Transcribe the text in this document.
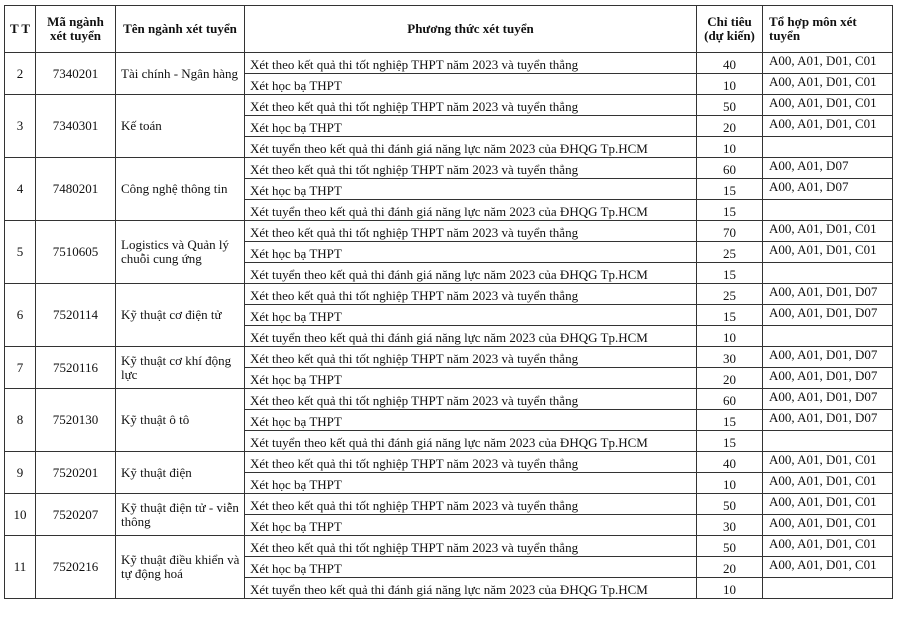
T T	Mã ngành xét tuyển	Tên ngành xét tuyển	Phương thức xét tuyển	Chỉ tiêu (dự kiến)	Tổ hợp môn xét tuyển
2	7340201	Tài chính - Ngân hàng	Xét theo kết quả thi tốt nghiệp THPT năm 2023 và tuyển thẳng	40	A00, A01, D01, C01
			Xét học bạ THPT	10	A00, A01, D01, C01
3	7340301	Kế toán	Xét theo kết quả thi tốt nghiệp THPT năm 2023 và tuyển thẳng	50	A00, A01, D01, C01
			Xét học bạ THPT	20	A00, A01, D01, C01
			Xét tuyển theo kết quả thi đánh giá năng lực năm 2023 của ĐHQG Tp.HCM	10	
4	7480201	Công nghệ thông tin	Xét theo kết quả thi tốt nghiệp THPT năm 2023 và tuyển thẳng	60	A00, A01, D07
			Xét học bạ THPT	15	A00, A01, D07
			Xét tuyển theo kết quả thi đánh giá năng lực năm 2023 của ĐHQG Tp.HCM	15	
5	7510605	Logistics và Quản lý chuỗi cung ứng	Xét theo kết quả thi tốt nghiệp THPT năm 2023 và tuyển thẳng	70	A00, A01, D01, C01
			Xét học bạ THPT	25	A00, A01, D01, C01
			Xét tuyển theo kết quả thi đánh giá năng lực năm 2023 của ĐHQG Tp.HCM	15	
6	7520114	Kỹ thuật cơ điện tử	Xét theo kết quả thi tốt nghiệp THPT năm 2023 và tuyển thẳng	25	A00, A01, D01, D07
			Xét học bạ THPT	15	A00, A01, D01, D07
			Xét tuyển theo kết quả thi đánh giá năng lực năm 2023 của ĐHQG Tp.HCM	10	
7	7520116	Kỹ thuật cơ khí động lực	Xét theo kết quả thi tốt nghiệp THPT năm 2023 và tuyển thẳng	30	A00, A01, D01, D07
			Xét học bạ THPT	20	A00, A01, D01, D07
8	7520130	Kỹ thuật ô tô	Xét theo kết quả thi tốt nghiệp THPT năm 2023 và tuyển thẳng	60	A00, A01, D01, D07
			Xét học bạ THPT	15	A00, A01, D01, D07
			Xét tuyển theo kết quả thi đánh giá năng lực năm 2023 của ĐHQG Tp.HCM	15	
9	7520201	Kỹ thuật điện	Xét theo kết quả thi tốt nghiệp THPT năm 2023 và tuyển thẳng	40	A00, A01, D01, C01
			Xét học bạ THPT	10	A00, A01, D01, C01
10	7520207	Kỹ thuật điện tử - viễn thông	Xét theo kết quả thi tốt nghiệp THPT năm 2023 và tuyển thẳng	50	A00, A01, D01, C01
			Xét học bạ THPT	30	A00, A01, D01, C01
11	7520216	Kỹ thuật điều khiển và tự động hoá	Xét theo kết quả thi tốt nghiệp THPT năm 2023 và tuyển thẳng	50	A00, A01, D01, C01
			Xét học bạ THPT	20	A00, A01, D01, C01
			Xét tuyển theo kết quả thi đánh giá năng lực năm 2023 của ĐHQG Tp.HCM	10	
